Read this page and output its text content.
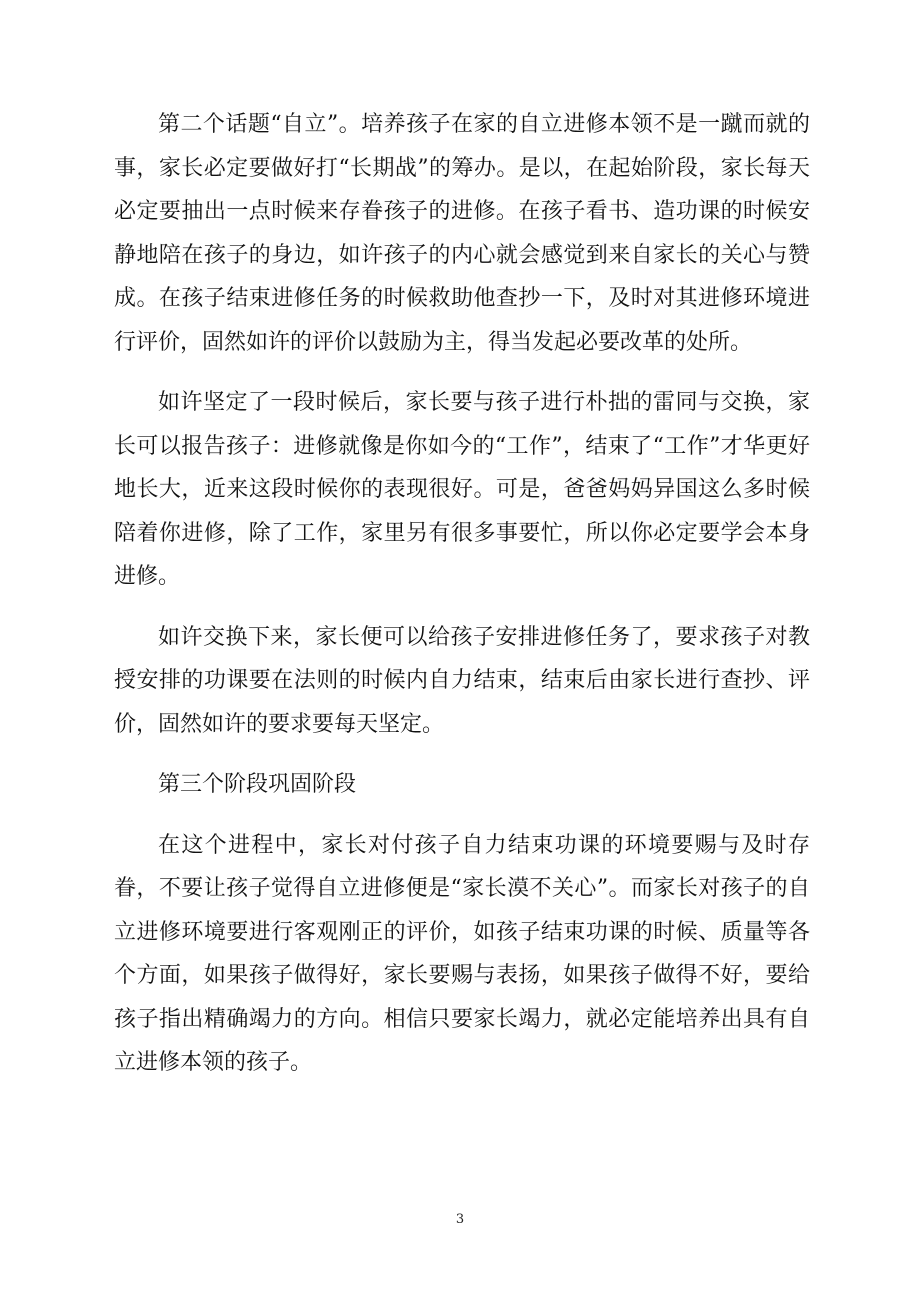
第二个话题“自立”。培养孩子在家的自立进修本领不是一蹴而就的事，家长必定要做好打“长期战”的筹办。是以，在起始阶段，家长每天必定要抽出一点时候来存眷孩子的进修。在孩子看书、造功课的时候安静地陪在孩子的身边，如许孩子的内心就会感觉到来自家长的关心与赞成。在孩子结束进修任务的时候救助他查抄一下，及时对其进修环境进行评价，固然如许的评价以鼓励为主，得当发起必要改革的处所。

如许坚定了一段时候后，家长要与孩子进行朴拙的雷同与交换，家长可以报告孩子：进修就像是你如今的“工作”，结束了“工作”才华更好地长大，近来这段时候你的表现很好。可是，爸爸妈妈异国这么多时候陪着你进修，除了工作，家里另有很多事要忙，所以你必定要学会本身进修。

如许交换下来，家长便可以给孩子安排进修任务了，要求孩子对教授安排的功课要在法则的时候内自力结束，结束后由家长进行查抄、评价，固然如许的要求要每天坚定。

第三个阶段巩固阶段

在这个进程中，家长对付孩子自力结束功课的环境要赐与及时存眷，不要让孩子觉得自立进修便是“家长漠不关心”。而家长对孩子的自立进修环境要进行客观刚正的评价，如孩子结束功课的时候、质量等各个方面，如果孩子做得好，家长要赐与表扬，如果孩子做得不好，要给孩子指出精确竭力的方向。相信只要家长竭力，就必定能培养出具有自立进修本领的孩子。

3
